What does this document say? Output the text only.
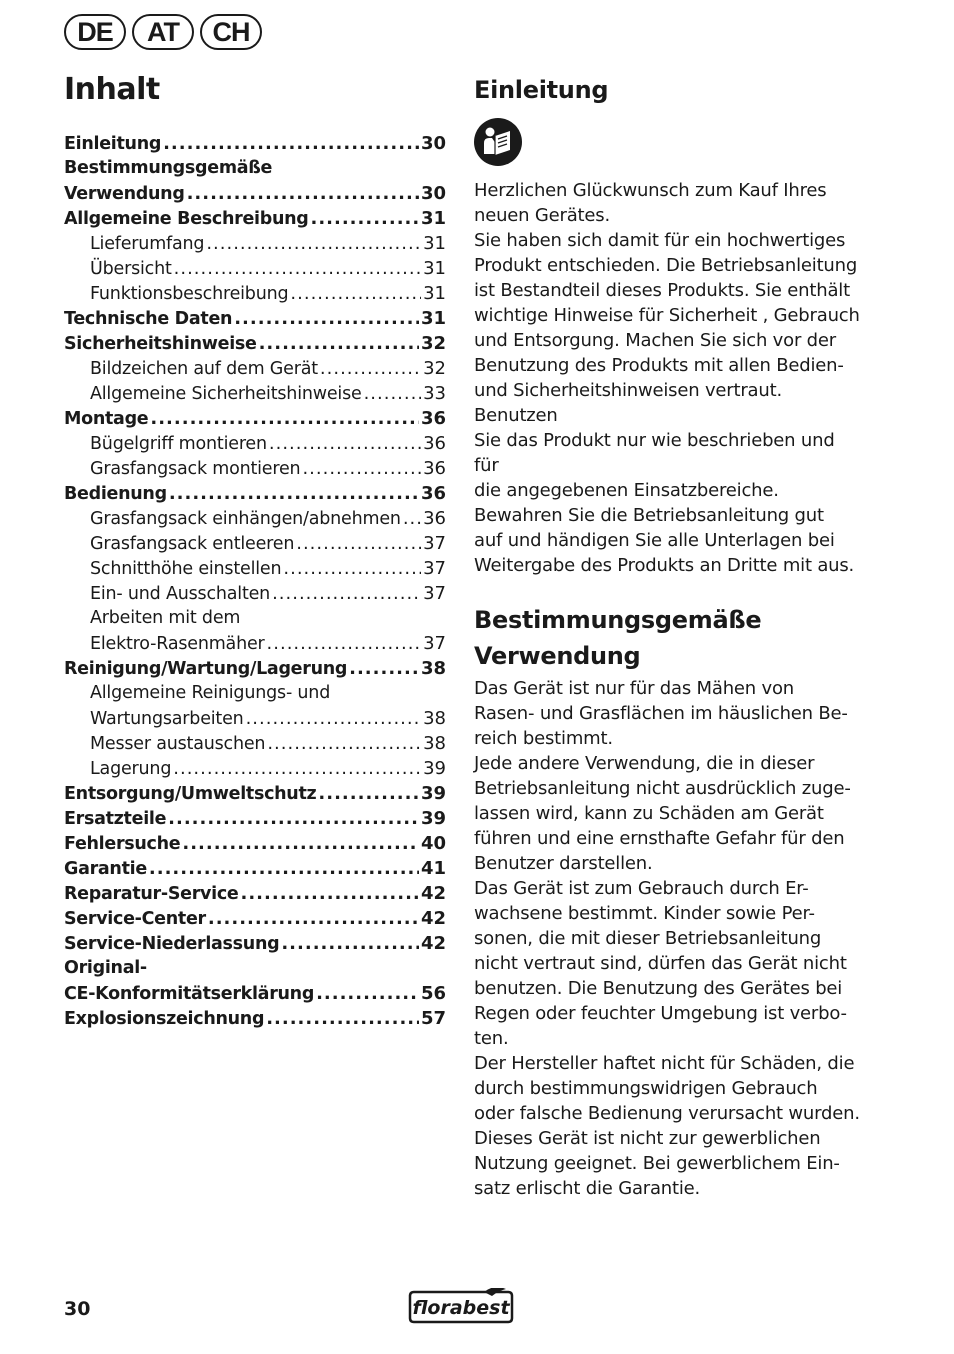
DE	AT	CH
Inhalt
Einleitung .....	30
Bestimmungsgemäße
Verwendung .....	30
Allgemeine Beschreibung .....	31
Lieferumfang .....	31
Übersicht .....	31
Funktionsbeschreibung .....	31
Technische Daten .....	31
Sicherheitshinweise .....	32
Bildzeichen auf dem Gerät .....	32
Allgemeine Sicherheitshinweise .....	33
Montage .....	36
Bügelgriff montieren .....	36
Grasfangsack montieren .....	36
Bedienung .....	36
Grasfangsack einhängen/abnehmen ..... 36
Grasfangsack entleeren .....	37
Schnitthöhe einstellen .....	37
Ein- und Ausschalten .....	37
Arbeiten mit dem
Elektro-Rasenmäher .....	37
Reinigung/Wartung/Lagerung .....	38
Allgemeine Reinigungs- und
Wartungsarbeiten .....	38
Messer austauschen .....	38
Lagerung .....	39
Entsorgung/Umweltschutz .....	39
Ersatzteile .....	39
Fehlersuche .....	40
Garantie .....	41
Reparatur-Service .....	42
Service-Center .....	42
Service-Niederlassung .....	42
Original-
CE-Konformitätserklärung .....	56
Explosionszeichnung .....	57
Einleitung
Herzlichen Glückwunsch zum Kauf Ihres
neuen Gerätes.
Sie haben sich damit für ein hochwertiges
Produkt entschieden. Die Betriebsanleitung
ist Bestandteil dieses Produkts. Sie enthält
wichtige Hinweise für Sicherheit , Gebrauch
und Entsorgung. Machen Sie sich vor der
Benutzung des Produkts mit allen Bedien-
und Sicherheitshinweisen vertraut. Benutzen
Sie das Produkt nur wie beschrieben und für
die angegebenen Einsatzbereiche.
Bewahren Sie die Betriebsanleitung gut
auf und händigen Sie alle Unterlagen bei
Weitergabe des Produkts an Dritte mit aus.
Bestimmungsgemäße
Verwendung
Das Gerät ist nur für das Mähen von
Rasen- und Grasflächen im häuslichen Be-
reich bestimmt.
Jede andere Verwendung, die in dieser
Betriebsanleitung nicht ausdrücklich zuge-
lassen wird, kann zu Schäden am Gerät
führen und eine ernsthafte Gefahr für den
Benutzer darstellen.
Das Gerät ist zum Gebrauch durch Er-
wachsene bestimmt. Kinder sowie Per-
sonen, die mit dieser Betriebsanleitung
nicht vertraut sind, dürfen das Gerät nicht
benutzen. Die Benutzung des Gerätes bei
Regen oder feuchter Umgebung ist verbo-
ten.
Der Hersteller haftet nicht für Schäden, die
durch bestimmungswidrigen Gebrauch
oder falsche Bedienung verursacht wurden.
Dieses Gerät ist nicht zur gewerblichen
Nutzung geeignet. Bei gewerblichem Ein-
satz erlischt die Garantie.
30	florabest
